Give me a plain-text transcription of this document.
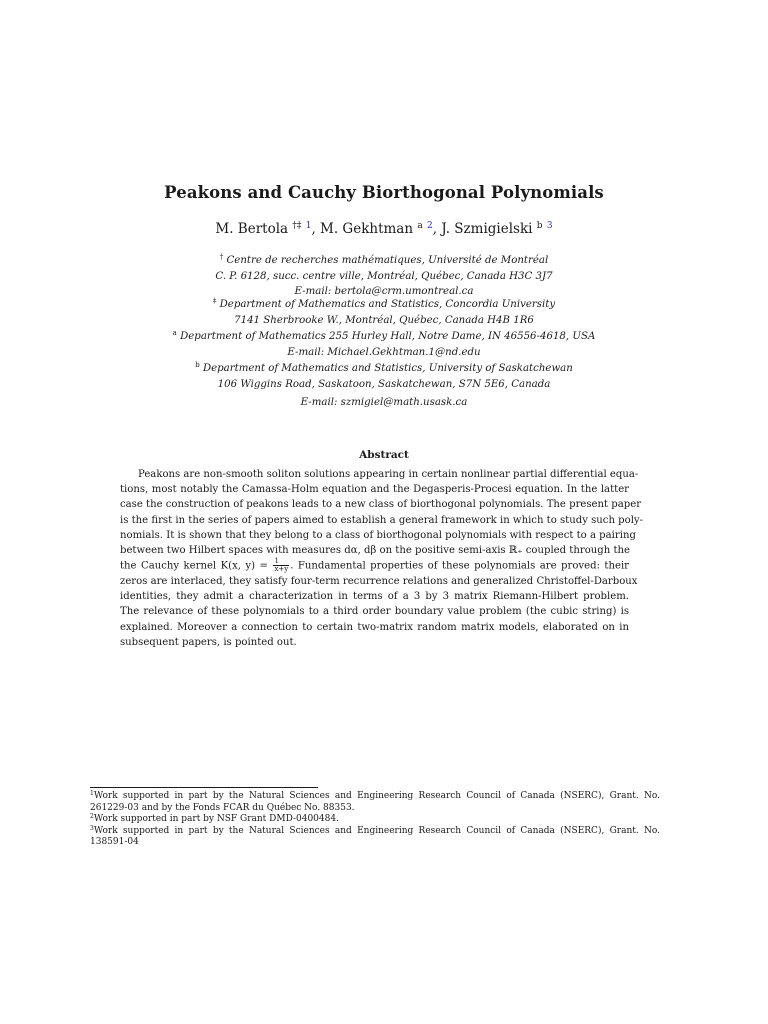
Peakons and Cauchy Biorthogonal Polynomials
M. Bertola †‡ $^1$, M. Gekhtman $^a$ $^2$, J. Szmigielski $^b$ $^3$
† Centre de recherches mathématiques, Université de Montréal
C. P. 6128, succ. centre ville, Montréal, Québec, Canada H3C 3J7
E-mail: bertola@crm.umontreal.ca
‡ Department of Mathematics and Statistics, Concordia University
7141 Sherbrooke W., Montréal, Québec, Canada H4B 1R6
$^a$ Department of Mathematics 255 Hurley Hall, Notre Dame, IN 46556-4618, USA
E-mail: Michael.Gekhtman.1@nd.edu
$^b$ Department of Mathematics and Statistics, University of Saskatchewan
106 Wiggins Road, Saskatoon, Saskatchewan, S7N 5E6, Canada
E-mail: szmigiel@math.usask.ca
Abstract
Peakons are non-smooth soliton solutions appearing in certain nonlinear partial differential equa-
tions, most notably the Camassa-Holm equation and the Degasperis-Procesi equation. In the latter
case the construction of peakons leads to a new class of biorthogonal polynomials. The present paper
is the first in the series of papers aimed to establish a general framework in which to study such poly-
nomials. It is shown that they belong to a class of biorthogonal polynomials with respect to a pairing
between two Hilbert spaces with measures dα, dβ on the positive semi-axis ℝ₊ coupled through the
the Cauchy kernel K(x, $y) = \frac{1}{x+y}$ . Fundamental properties of these polynomials are proved: their
zeros are interlaced, they satisfy four-term recurrence relations and generalized Christoffel-Darboux
identities, they admit a characterization in terms of a 3 by 3 matrix Riemann-Hilbert problem.
The relevance of these polynomials to a third order boundary value problem (the cubic string) is
explained. Moreover a connection to certain two-matrix random matrix models, elaborated on in
subsequent papers, is pointed out.
$^1$Work supported in part by the Natural Sciences and Engineering Research Council of Canada (NSERC), Grant. No.
261229-03 and by the Fonds FCAR du Québec No. 88353.
$^2$Work supported in part by NSF Grant DMD-0400484.
$^3$Work supported in part by the Natural Sciences and Engineering Research Council of Canada (NSERC), Grant. No.
138591-04
